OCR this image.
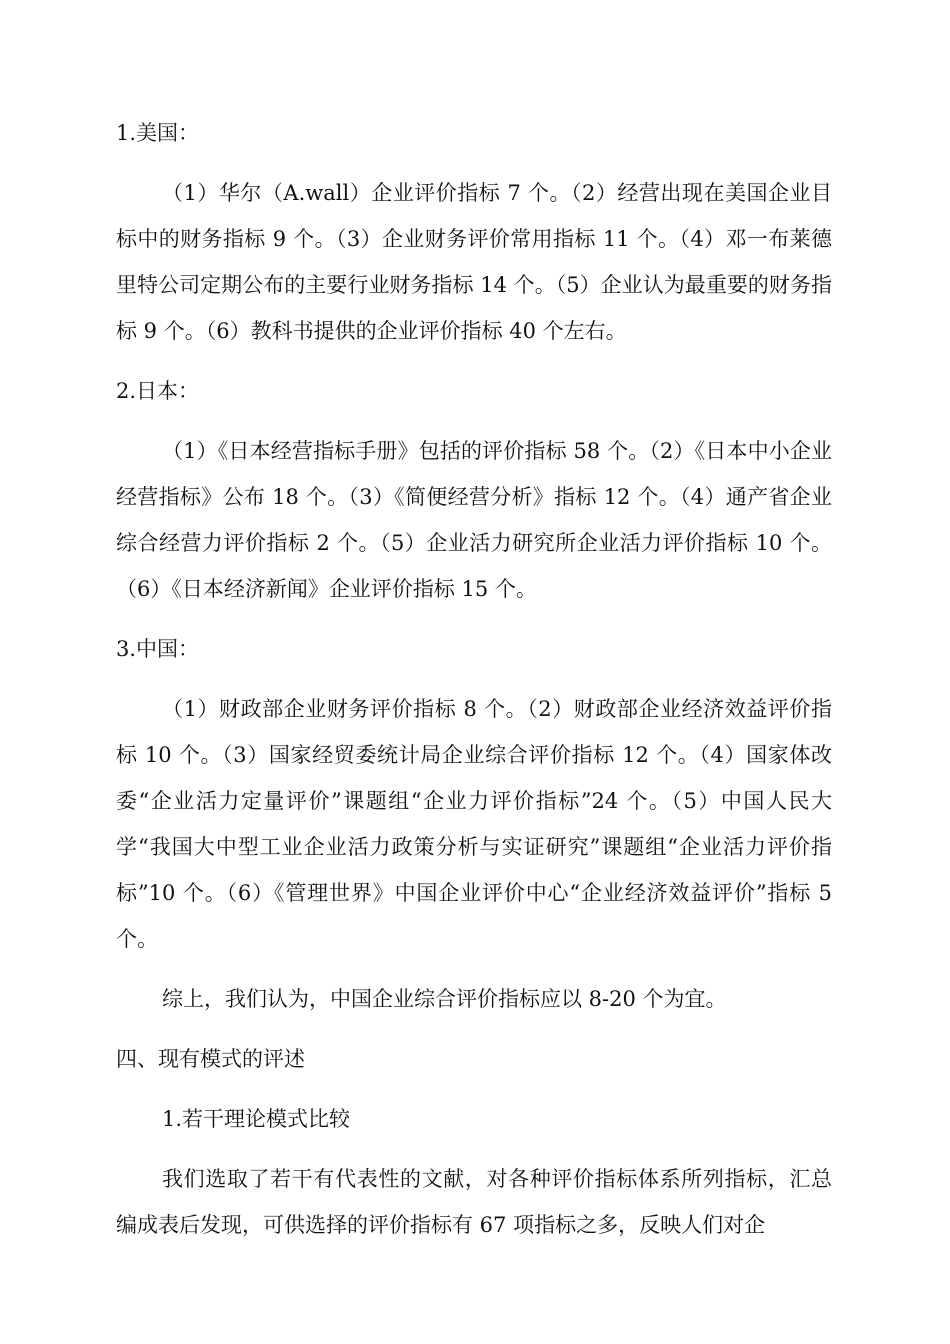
1.美国：

（1）华尔（A.wall）企业评价指标 7 个。（2）经营出现在美国企业目标中的财务指标 9 个。（3）企业财务评价常用指标 11 个。（4）邓一布莱德里特公司定期公布的主要行业财务指标 14 个。（5）企业认为最重要的财务指标 9 个。（6）教科书提供的企业评价指标 40 个左右。

2.日本：

（1）《日本经营指标手册》包括的评价指标 58 个。（2）《日本中小企业经营指标》公布 18 个。（3）《简便经营分析》指标 12 个。（4）通产省企业综合经营力评价指标 2 个。（5）企业活力研究所企业活力评价指标 10 个。（6）《日本经济新闻》企业评价指标 15 个。

3.中国：

（1）财政部企业财务评价指标 8 个。（2）财政部企业经济效益评价指标 10 个。（3）国家经贸委统计局企业综合评价指标 12 个。（4）国家体改委“企业活力定量评价”课题组“企业力评价指标”24 个。（5）中国人民大学“我国大中型工业企业活力政策分析与实证研究”课题组“企业活力评价指标”10 个。（6）《管理世界》中国企业评价中心“企业经济效益评价”指标 5 个。

综上，我们认为，中国企业综合评价指标应以 8-20 个为宜。

四、现有模式的评述

1.若干理论模式比较

我们选取了若干有代表性的文献，对各种评价指标体系所列指标，汇总编成表后发现，可供选择的评价指标有 67 项指标之多，反映人们对企
